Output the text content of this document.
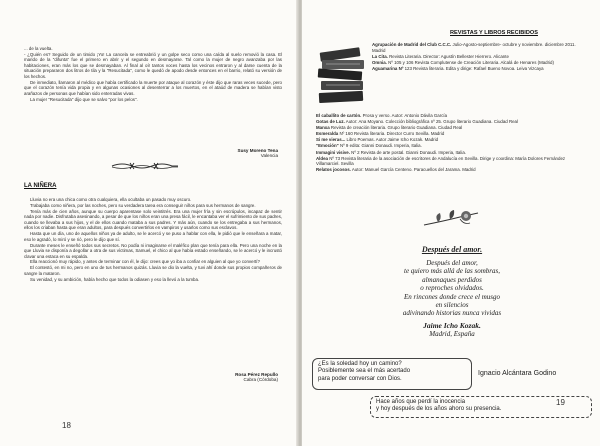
... de la vuelta.

- ¿Quién es? Seguido de un timido ¡Yo! La cancela se entreabrió y un golpe seco como una caída al suelo removió la casa. El marido de la "difunta" fue el primero en abrir y el segundo en desmayarse. Tal como la mujer de negro avanzaba por las habitaciones, eran más los que se desmayaban. Al final al oír tantos voces hasta los vecinos entraron y al darse cuenta de la situación prepararon dos litros de tila y la "Resucitada", como le quedó de apodo desde entonces en el barrio, relató su versión de los hechos.

De inmediato, llamaron al médico que había certificado la muerte por ataque al corazón y éste dijo que raras veces sucede, pero que el corazón tenía vida propia y en algunas ocasiones al desenterrar a los muertos, en el ataúd de madera se habían visto arañazos de personas que habían sido enterradas vivas.

La mujer "Resucitada" dijo que se salvo "por los pelos".

Susy Moreno Tena
Valencia
LA NIÑERA

Lluvia no era una chica como otra cualquiera, ella ocultaba un pasado muy oscuro.

Trabajaba como niñera, por las noches, pero su verdadera tarea era conseguir niños para sus hermanos de sangre.

Tenía más de cien años, aunque su cuerpo aparentase solo veintitrés. Era una mujer fría y sin escrúpulos, incapaz de sentir nada por nadie. Disfrutaba asesinando, a pesar de que los niños eran una presa fácil, le encantaba ver el sufrimiento de sus padres, cuando se llevaba a sus hijos, y el de ellos cuando mataba a sus padres. Y más aún, cuando se los entregaba a sus hermanos, ellos los criaban hasta que eran adultos, para después convertirlos en vampiros y usarlos como sus esclavos.

Hasta que un día, uno de aquellos niños ya de adulto, se le acercó y se puso a hablar con ella, le pidió que le enseñara a matar, eso le agradó, lo miró y se rió, pero le dijo que sí.

Durante meses le enseñó todos sus secretos. No podía ni imaginarse el maléfico plan que tenía para ella. Pero una noche en la que Lluvia se disponía a degollar a otra de sus víctimas, Samuel, el chico al que había estado enseñando, se le acercó y le incrustó clavar una estaca en su espalda.

Ella reaccionó muy rápido, y antes de terminar con él, le dijo: crees que yo iba a confiar en alguien al que yo convertí?

El contestó, en mi no, pero en uno de tus hermanos quizás. Lluvia se dio la vuelta, y tuvi ahí donde sus propios compañeros de sangre la mataron.

Su venidad, y su ambición, había hecho que todos la odiasen y eso la llevó a la tumba.

Rosa Pérez Repullo
Cabra (Córdoba)
18
REVISTAS Y LIBROS RECIBIDOS
Agrupación de Madrid del Club C.C.C. Julio-Agosto-septiembre- octubre y noviembre. diciembre 2011. Madrid
La Cita. Revista Literaria. Director: Agustín Bellester Hierrero. Alicante
Omnia. Nº 105 y 106 Revista Complutense de Creación Literaria. Alcalá de Henares (Madrid)
Aguamarina Nº 123 Revista literaria. Edita y dirige: Rafael Bueno Novoa. Leiva Vizcaya
El caballito de cartón. Prosa y verso. Autor: Antonio Dávila García
Gotas de Luz. Autor: Ana Moyano. Colección bibliográfica nº 25. Grupo literario Guadiana. Ciudad Real
Manxa Revista de creación literaria. Grupo literario Guadiana. Ciudad Real
Esmeralda Nº 160 Revista literaria. Director Curro Sevilla. Madrid
Si me vieras... Libro Poemas. Autor Jaime Icho Kozak. Madrid
"Emoción" Nº 9 edita: Gianni Donaudi. Imperia, Italia.
Immagini visive. Nº 2 Revista de arte postal. Gianni Donaudi. Imperia, Italia.
Aldea Nº 73 Revista literaria de la asociación de escritores de Andalucía en Sevilla. Dirige y coordina: María Dolores Fernández Villamarciel. Sevilla
Relatos jocosos. Autor: Manuel García Centeno. Paracuellos del Jarama. Madrid
Después del amor.
Después del amor,
te quiero más allá de las sombras,
almanaques perdidos
o reproches olvidados.
En rincones donde crece el musgo
en silencios
adivinando historias nunca vividas
Jaime Icho Kozak.
Madrid, España
¿Es la soledad hoy un camino?
Posiblemente sea el más acertado
para poder conversar con Dios.
Ignacio Alcántara Godino
Hace años que perdí la inocencia
y hoy después de los años ahoro su presencia.
19
